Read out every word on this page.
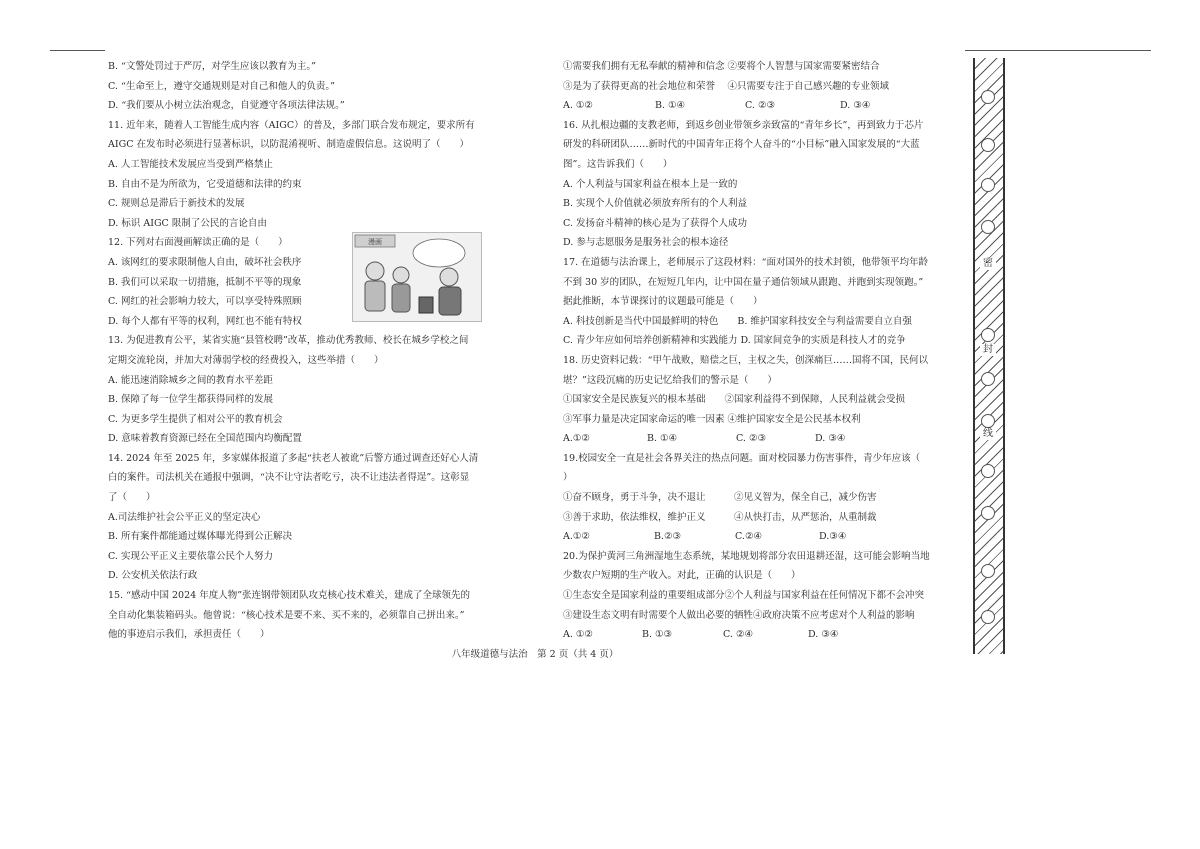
B. “文警处罚过于严厉，对学生应该以教育为主。”
C. “生命至上，遵守交通规则是对自己和他人的负责。”
D. “我们要从小树立法治观念，自觉遵守各项法律法规。”
11. 近年来，随着人工智能生成内容（AIGC）的普及，多部门联合发布规定，要求所有
AIGC 在发布时必须进行显著标识，以防混淆视听、制造虚假信息。这说明了（　　）
A. 人工智能技术发展应当受到严格禁止
B. 自由不是为所欲为，它受道德和法律的约束
C. 规则总是滞后于新技术的发展
D. 标识 AIGC 限制了公民的言论自由
12. 下列对右面漫画解读正确的是（　　）
A. 该网红的要求限制他人自由，破坏社会秩序
B. 我们可以采取一切措施，抵制不平等的现象
C. 网红的社会影响力较大，可以享受特殊照顾
D. 每个人都有平等的权利，网红也不能有特权
13. 为促进教育公平，某省实施“县管校聘”改革，推动优秀教师、校长在城乡学校之间
定期交流轮岗，并加大对薄弱学校的经费投入，这些举措（　　）
A. 能迅速消除城乡之间的教育水平差距
B. 保障了每一位学生都获得同样的发展
C. 为更多学生提供了相对公平的教育机会
D. 意味着教育资源已经在全国范围内均衡配置
14. 2024 年至 2025 年，多家媒体报道了多起“扶老人被讹”后警方通过调查还好心人清
白的案件。司法机关在通报中强调，“决不让守法者吃亏，决不让违法者得逞”。这彰显
了（　　）
A.司法维护社会公平正义的坚定决心
B. 所有案件都能通过媒体曝光得到公正解决
C. 实现公平正义主要依靠公民个人努力
D. 公安机关依法行政
15. “感动中国 2024 年度人物”张连钢带领团队攻克核心技术难关，建成了全球领先的
全自动化集装箱码头。他曾说：“核心技术是要不来、买不来的，必须靠自己拼出来。”
他的事迹启示我们，承担责任（　　）
漫画
①需要我们拥有无私奉献的精神和信念 ②要将个人智慧与国家需要紧密结合
③是为了获得更高的社会地位和荣誉　 ④只需要专注于自己感兴趣的专业领域
A. ①②	B. ①④	C. ②③	D. ③④
16. 从扎根边疆的支教老师，到返乡创业带领乡亲致富的“青年乡长”，再到致力于芯片
研发的科研团队……新时代的中国青年正将个人奋斗的“小目标”融入国家发展的“大蓝
图”。这告诉我们（　　）
A. 个人利益与国家利益在根本上是一致的
B. 实现个人价值就必须放弃所有的个人利益
C. 发扬奋斗精神的核心是为了获得个人成功
D. 参与志愿服务是服务社会的根本途径
17. 在道德与法治课上，老师展示了这段材料：“面对国外的技术封锁，他带领平均年龄
不到 30 岁的团队，在短短几年内，让中国在量子通信领域从跟跑、并跑到实现领跑。”
据此推断，本节课探讨的议题最可能是（　　）
A. 科技创新是当代中国最鲜明的特色　　B. 维护国家科技安全与利益需要自立自强
C. 青少年应如何培养创新精神和实践能力 D. 国家间竞争的实质是科技人才的竞争
18. 历史资料记载：“甲午战败，赔偿之巨，主权之失，创深痛巨……国将不国，民何以
堪？”这段沉痛的历史记忆给我们的警示是（　　）
①国家安全是民族复兴的根本基础　　②国家利益得不到保障，人民利益就会受损
③军事力量是决定国家命运的唯一因素 ④维护国家安全是公民基本权利
A.①②	B. ①④	C. ②③	D. ③④
19.校园安全一直是社会各界关注的热点问题。面对校园暴力伤害事件，青少年应该（
）
①奋不顾身，勇于斗争，决不退让　　　②见义智为，保全自己，减少伤害
③善于求助，依法维权，维护正义　　　④从快打击，从严惩治，从重制裁
A.①②	B.②③	C.②④	D.③④
20.为保护黄河三角洲湿地生态系统，某地规划将部分农田退耕还湿，这可能会影响当地
少数农户短期的生产收入。对此，正确的认识是（　　）
①生态安全是国家利益的重要组成部分②个人利益与国家利益在任何情况下都不会冲突
③建设生态文明有时需要个人做出必要的牺牲④政府决策不应考虑对个人利益的影响
A. ①②	B. ①③	C. ②④	D. ③④
密
封
线
八年级道德与法治　第 2 页（共 4 页）
